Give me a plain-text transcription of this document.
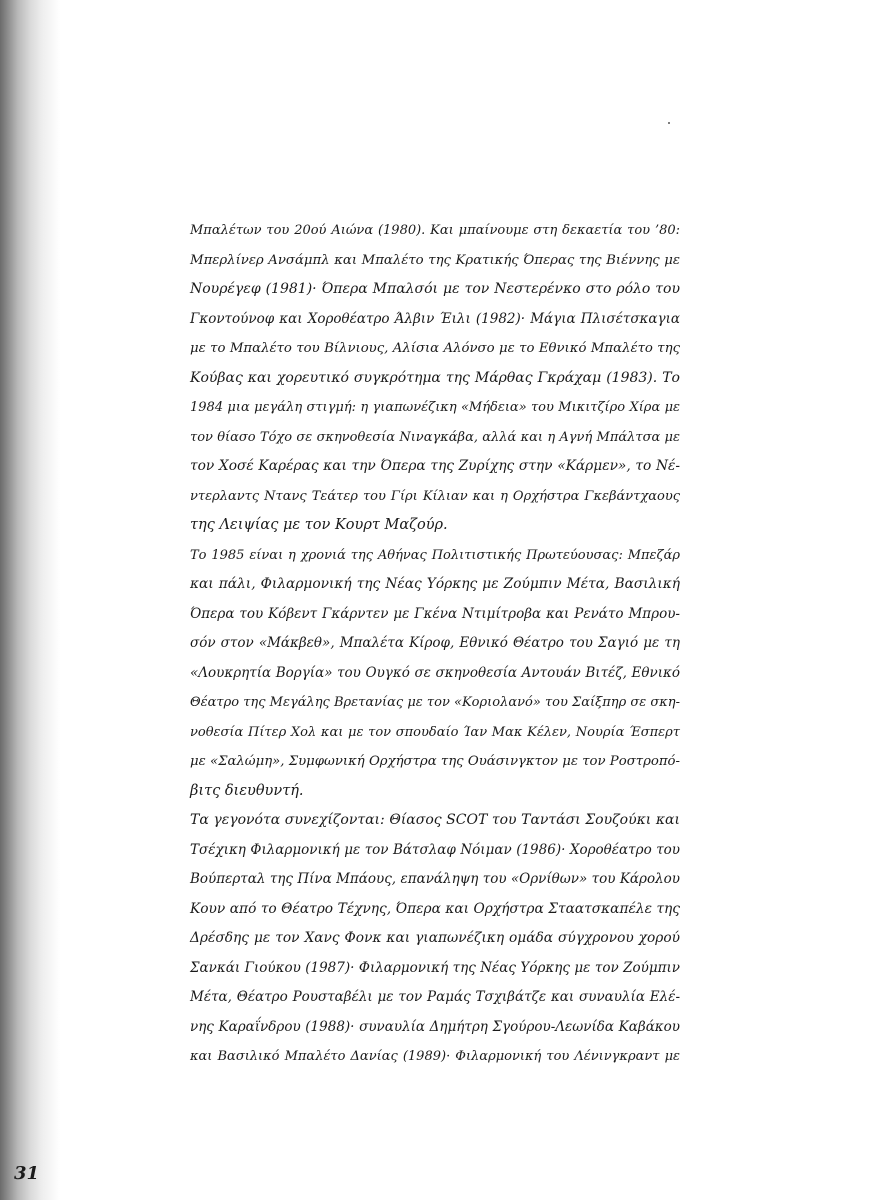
Μπαλέτων του 20ού Αιώνα (1980). Και μπαίνουμε στη δεκαετία του ’80:
Μπερλίνερ Ανσάμπλ και Μπαλέτο της Κρατικής Όπερας της Βιέννης με
Νουρέγεφ (1981)· Όπερα Μπαλσόι με τον Νεστερένκο στο ρόλο του
Γκοντούνοφ και Χοροθέατρο Άλβιν Έιλι (1982)· Μάγια Πλισέτσκαγια
με το Μπαλέτο του Βίλνιους, Αλίσια Αλόνσο με το Εθνικό Μπαλέτο της
Κούβας και χορευτικό συγκρότημα της Μάρθας Γκράχαμ (1983). Το
1984 μια μεγάλη στιγμή: η γιαπωνέζικη «Μήδεια» του Μικιτζίρο Χίρα με
τον θίασο Τόχο σε σκηνοθεσία Νιναγκάβα, αλλά και η Αγνή Μπάλτσα με
τον Χοσέ Καρέρας και την Όπερα της Ζυρίχης στην «Κάρμεν», το Νέ-
ντερλαντς Ντανς Τεάτερ του Γίρι Κίλιαν και η Ορχήστρα Γκεβάντχαους
της Λειψίας με τον Κουρτ Μαζούρ.
Το 1985 είναι η χρονιά της Αθήνας Πολιτιστικής Πρωτεύουσας: Μπεζάρ
και πάλι, Φιλαρμονική της Νέας Υόρκης με Ζούμπιν Μέτα, Βασιλική
Όπερα του Κόβεντ Γκάρντεν με Γκένα Ντιμίτροβα και Ρενάτο Μπρου-
σόν στον «Μάκβεθ», Μπαλέτα Κίροφ, Εθνικό Θέατρο του Σαγιό με τη
«Λουκρητία Βοργία» του Ουγκό σε σκηνοθεσία Αντουάν Βιτέζ, Εθνικό
Θέατρο της Μεγάλης Βρετανίας με τον «Κοριολανό» του Σαίξπηρ σε σκη-
νοθεσία Πίτερ Χολ και με τον σπουδαίο Ίαν Μακ Κέλεν, Νουρία Έσπερτ
με «Σαλώμη», Συμφωνική Ορχήστρα της Ουάσινγκτον με τον Ροστροπό-
βιτς διευθυντή.
Τα γεγονότα συνεχίζονται: Θίασος SCOT του Ταντάσι Σουζούκι και
Τσέχικη Φιλαρμονική με τον Βάτσλαφ Νόιμαν (1986)· Χοροθέατρο του
Βούπερταλ της Πίνα Μπάους, επανάληψη του «Ορνίθων» του Κάρολου
Κουν από το Θέατρο Τέχνης, Όπερα και Ορχήστρα Σταατσκαπέλε της
Δρέσδης με τον Χανς Φονκ και γιαπωνέζικη ομάδα σύγχρονου χορού
Σανκάι Γιούκου (1987)· Φιλαρμονική της Νέας Υόρκης με τον Ζούμπιν
Μέτα, Θέατρο Ρουσταβέλι με τον Ραμάς Τσχιβάτζε και συναυλία Ελέ-
νης Καραΐνδρου (1988)· συναυλία Δημήτρη Σγούρου-Λεωνίδα Καβάκου
και Βασιλικό Μπαλέτο Δανίας (1989)· Φιλαρμονική του Λένινγκραντ με
31
